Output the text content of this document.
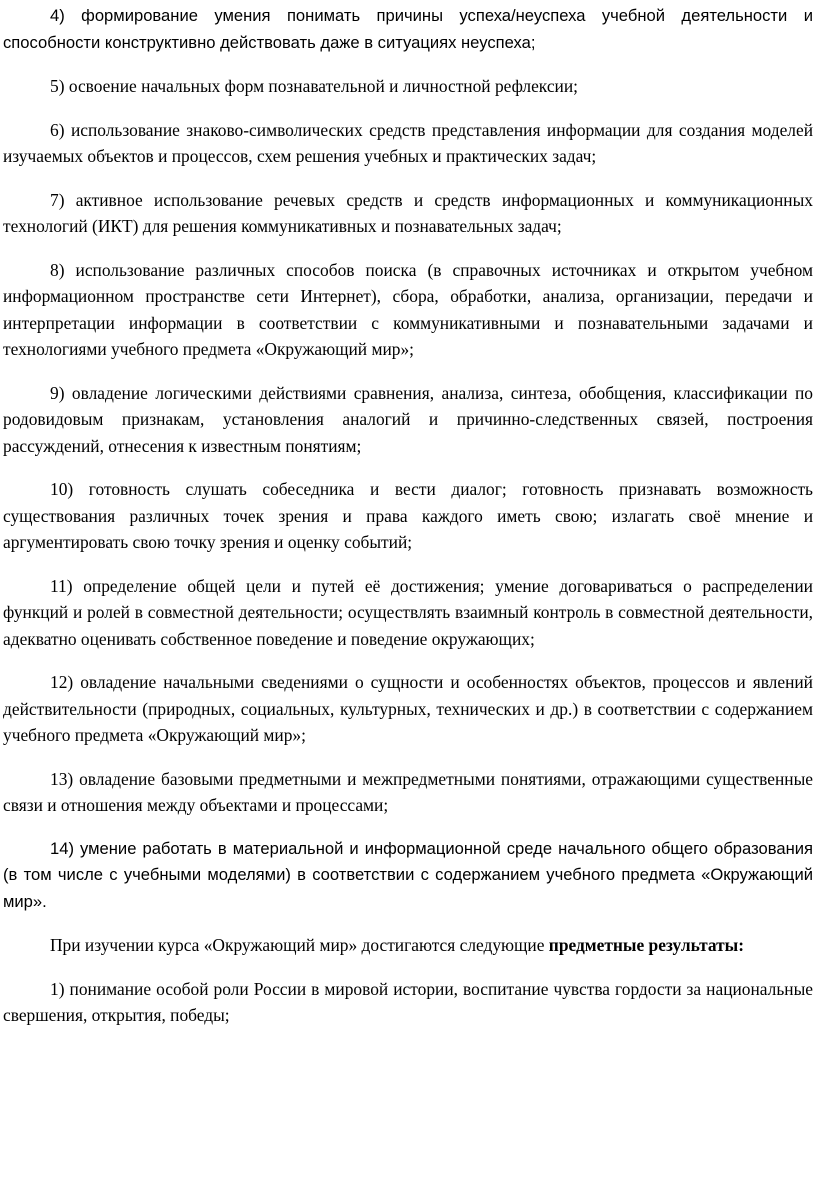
4) формирование умения понимать причины успеха/неуспеха учебной деятельности и способности конструктивно действовать даже в ситуациях неуспеха;

5) освоение начальных форм познавательной и личностной рефлексии;

6) использование знаково-символических средств представления информации для создания моделей изучаемых объектов и процессов, схем решения учебных и практических задач;

7) активное использование речевых средств и средств информационных и коммуникационных технологий (ИКТ) для решения коммуникативных и познавательных задач;

8) использование различных способов поиска (в справочных источниках и открытом учебном информационном пространстве сети Интернет), сбора, обработки, анализа, организации, передачи и интерпретации информации в соответствии с коммуникативными и познавательными задачами и технологиями учебного предмета «Окружающий мир»;

9) овладение логическими действиями сравнения, анализа, синтеза, обобщения, классификации по родовидовым признакам, установления аналогий и причинно-следственных связей, построения рассуждений, отнесения к известным понятиям;

10) готовность слушать собеседника и вести диалог; готовность признавать возможность существования различных точек зрения и права каждого иметь свою; излагать своё мнение и аргументировать свою точку зрения и оценку событий;

11) определение общей цели и путей её достижения; умение договариваться о распределении функций и ролей в совместной деятельности; осуществлять взаимный контроль в совместной деятельности, адекватно оценивать собственное поведение и поведение окружающих;

12) овладение начальными сведениями о сущности и особенностях объектов, процессов и явлений действительности (природных, социальных, культурных, технических и др.) в соответствии с содержанием учебного предмета «Окружающий мир»;

13) овладение базовыми предметными и межпредметными понятиями, отражающими существенные связи и отношения между объектами и процессами;

14) умение работать в материальной и информационной среде начального общего образования (в том числе с учебными моделями) в соответствии с содержанием учебного предмета «Окружающий мир».

При изучении курса «Окружающий мир» достигаются следующие предметные результаты:

1) понимание особой роли России в мировой истории, воспитание чувства гордости за национальные свершения, открытия, победы;
